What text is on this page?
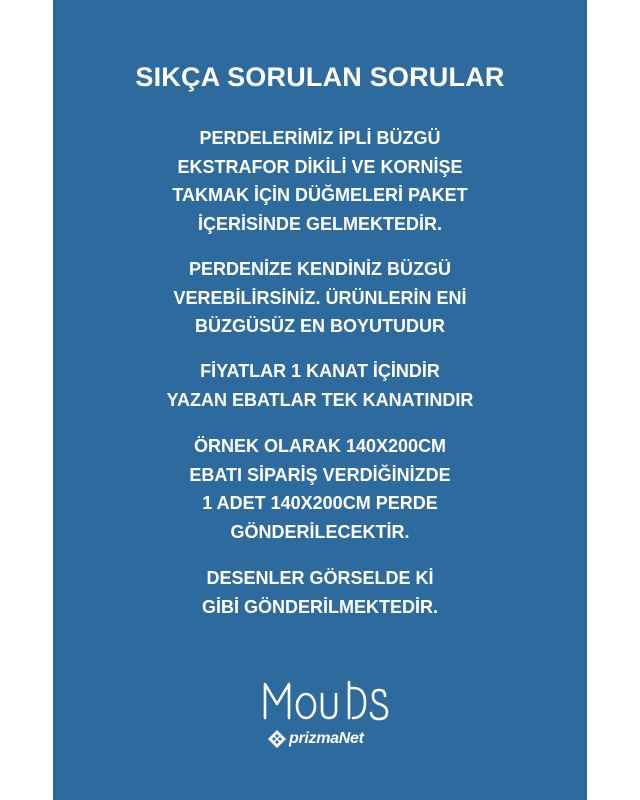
SIKÇA SORULAN SORULAR
PERDELERİMİZ İPLİ BÜZGÜ
EKSTRAFOR DİKİLİ VE KORNİŞE
TAKMAK İÇİN DÜĞMELERİ PAKET
İÇERİSİNDE GELMEKTEDİR.
PERDENİZE KENDİNİZ BÜZGÜ
VEREBİLİRSİNİZ. ÜRÜNLERİN ENİ
BÜZGÜSÜZ EN BOYUTUDUR
FİYATLAR 1 KANAT İÇİNDİR
YAZAN EBATLAR TEK KANATINDIR
ÖRNEK OLARAK 140X200CM
EBATI SİPARİŞ VERDİĞİNİZDE
1 ADET 140X200CM PERDE
GÖNDERİLECEKTİR.
DESENLER GÖRSELDE Kİ
GİBİ GÖNDERİLMEKTEDİR.
prizmaNet
